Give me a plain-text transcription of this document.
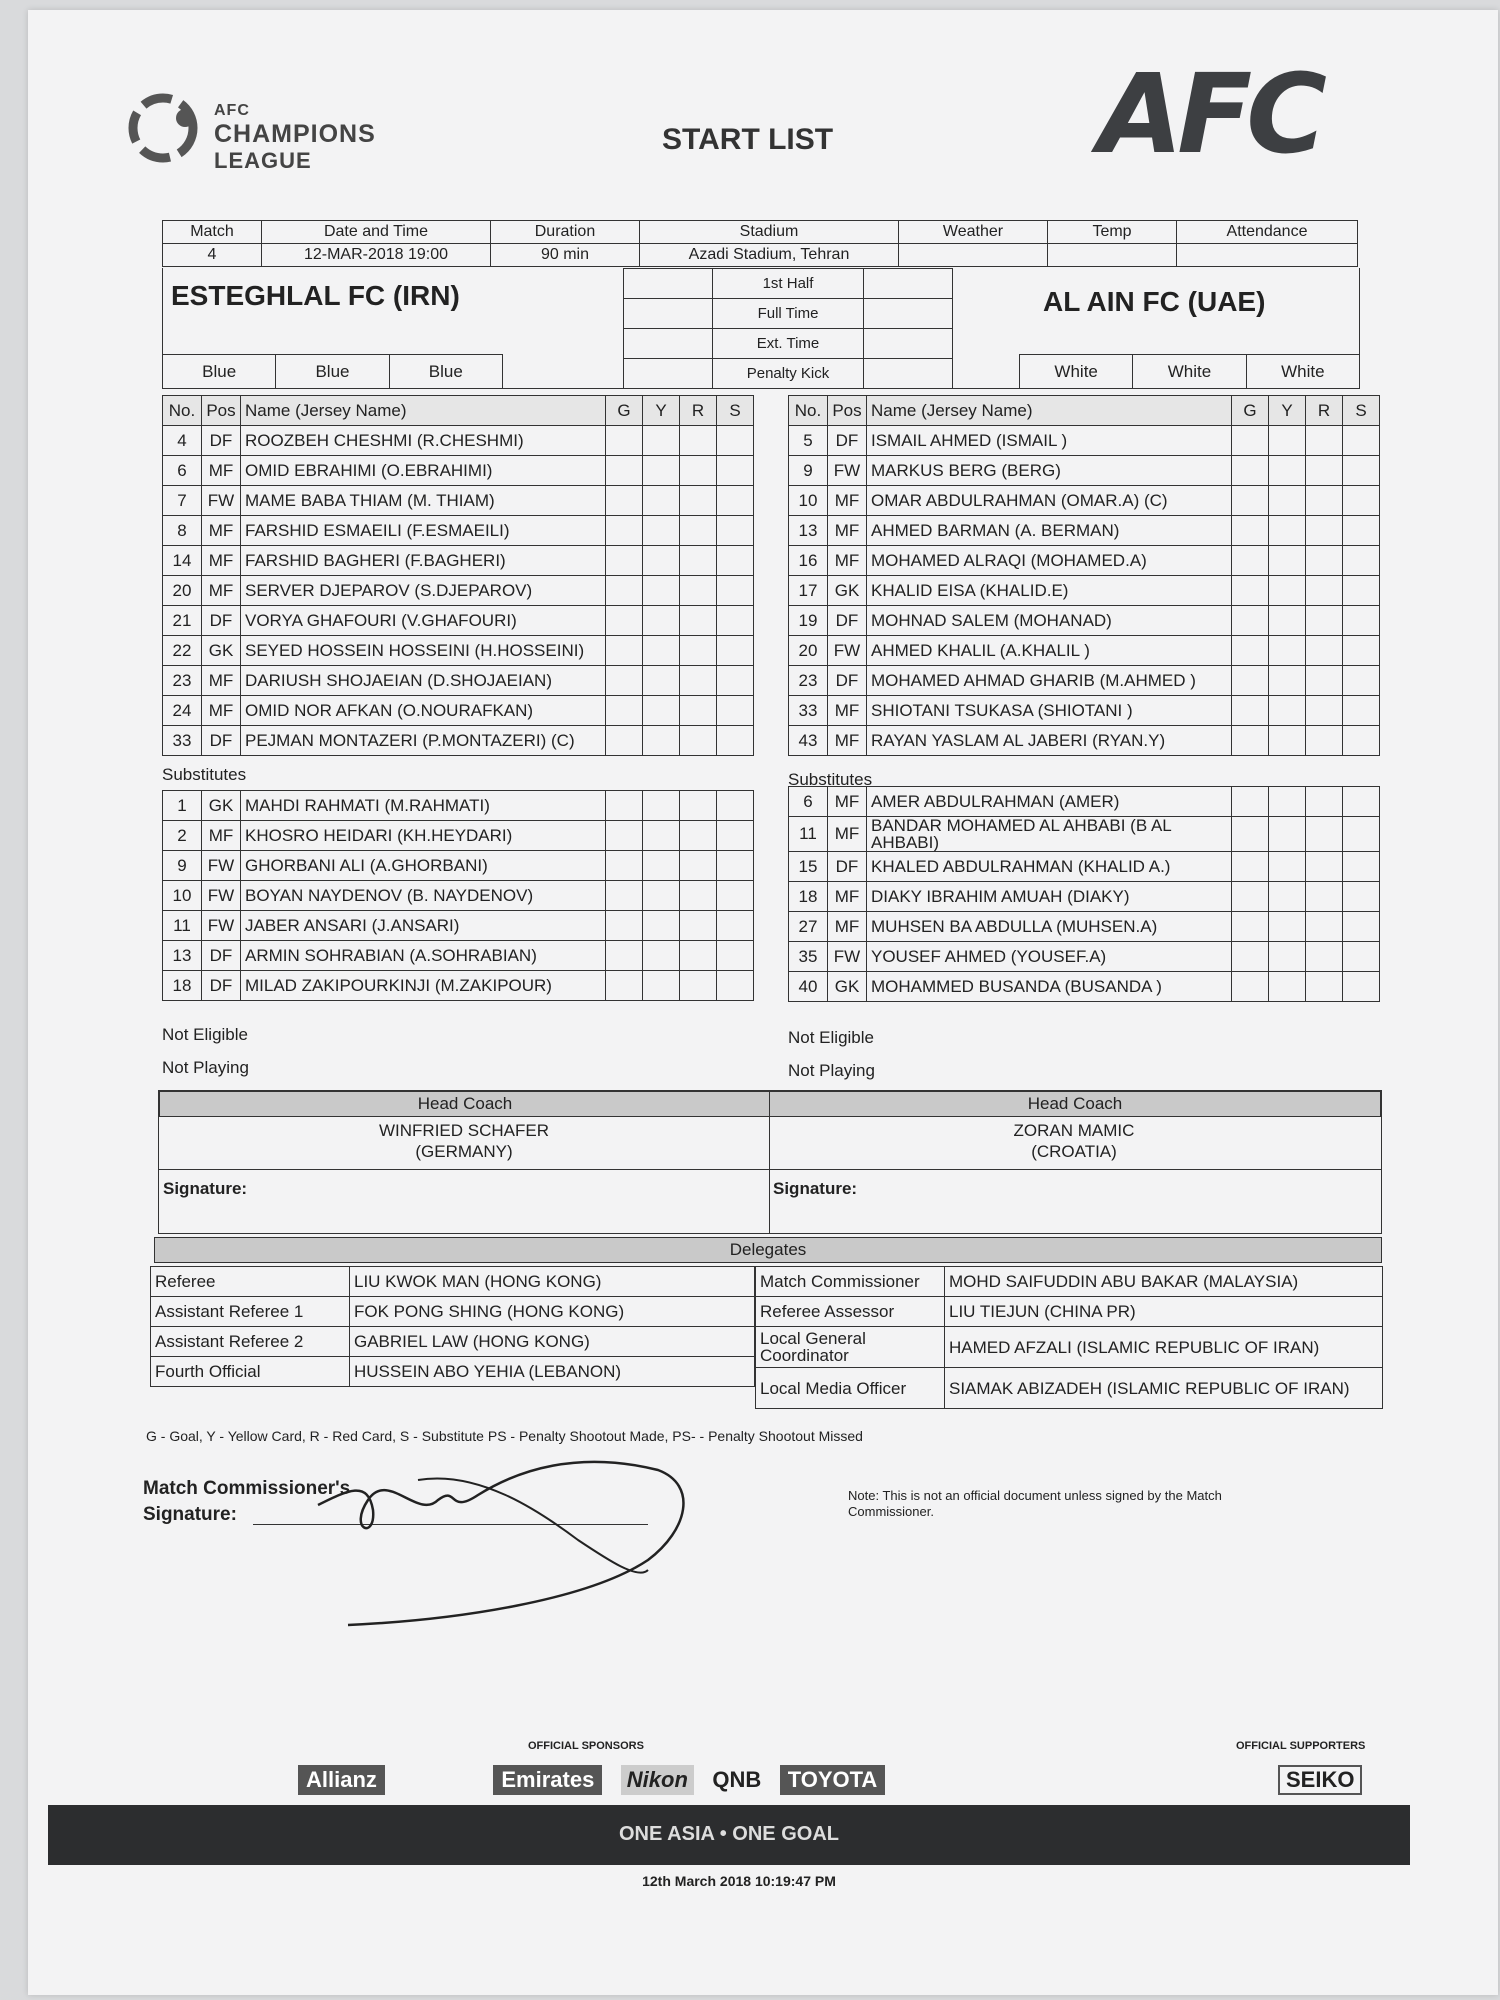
AFC
CHAMPIONS
LEAGUE
START LIST AFC
Match	Date and Time	Duration	Stadium	Weather	Temp	Attendance
4	12-MAR-2018 19:00	90 min	Azadi Stadium, Tehran			
ESTEGHLAL FC (IRN)
Blue	Blue	Blue
	1st Half	
	Full Time	
	Ext. Time	
	Penalty Kick	
AL AIN FC (UAE)
White	White	White
No.	Pos	Name (Jersey Name)	G	Y	R	S
4	DF	ROOZBEH CHESHMI (R.CHESHMI)				
6	MF	OMID EBRAHIMI (O.EBRAHIMI)				
7	FW	MAME BABA THIAM (M. THIAM)				
8	MF	FARSHID ESMAEILI (F.ESMAEILI)				
14	MF	FARSHID BAGHERI (F.BAGHERI)				
20	MF	SERVER DJEPAROV (S.DJEPAROV)				
21	DF	VORYA GHAFOURI (V.GHAFOURI)				
22	GK	SEYED HOSSEIN HOSSEINI (H.HOSSEINI)				
23	MF	DARIUSH SHOJAEIAN (D.SHOJAEIAN)				
24	MF	OMID NOR AFKAN (O.NOURAFKAN)				
33	DF	PEJMAN MONTAZERI (P.MONTAZERI) (C)				
No.	Pos	Name (Jersey Name)	G	Y	R	S
5	DF	ISMAIL AHMED (ISMAIL )				
9	FW	MARKUS BERG (BERG)				
10	MF	OMAR ABDULRAHMAN (OMAR.A) (C)				
13	MF	AHMED BARMAN (A. BERMAN)				
16	MF	MOHAMED ALRAQI (MOHAMED.A)				
17	GK	KHALID EISA (KHALID.E)				
19	DF	MOHNAD SALEM (MOHANAD)				
20	FW	AHMED KHALIL (A.KHALIL )				
23	DF	MOHAMED AHMAD GHARIB (M.AHMED )				
33	MF	SHIOTANI TSUKASA (SHIOTANI )				
43	MF	RAYAN YASLAM AL JABERI (RYAN.Y)				
Substitutes	Substitutes
1	GK	MAHDI RAHMATI (M.RAHMATI)				
2	MF	KHOSRO HEIDARI (KH.HEYDARI)				
9	FW	GHORBANI ALI (A.GHORBANI)				
10	FW	BOYAN NAYDENOV (B. NAYDENOV)				
11	FW	JABER ANSARI (J.ANSARI)				
13	DF	ARMIN SOHRABIAN (A.SOHRABIAN)				
18	DF	MILAD ZAKIPOURKINJI (M.ZAKIPOUR)				
6	MF	AMER ABDULRAHMAN (AMER)				
11	MF	BANDAR MOHAMED AL AHBABI (B AL AHBABI)				
15	DF	KHALED ABDULRAHMAN (KHALID A.)				
18	MF	DIAKY IBRAHIM AMUAH (DIAKY)				
27	MF	MUHSEN BA ABDULLA (MUHSEN.A)				
35	FW	YOUSEF AHMED (YOUSEF.A)				
40	GK	MOHAMMED BUSANDA (BUSANDA )				
Not Eligible
Not Playing
Not Eligible
Not Playing
Head Coach	Head Coach
WINFRIED SCHAFER
(GERMANY)
ZORAN MAMIC
(CROATIA)
Signature:	Signature:
Delegates
Referee	LIU KWOK MAN (HONG KONG)
Assistant Referee 1	FOK PONG SHING (HONG KONG)
Assistant Referee 2	GABRIEL LAW (HONG KONG)
Fourth Official	HUSSEIN ABO YEHIA (LEBANON)
Match Commissioner	MOHD SAIFUDDIN ABU BAKAR (MALAYSIA)
Referee Assessor	LIU TIEJUN (CHINA PR)
Local General Coordinator	HAMED AFZALI (ISLAMIC REPUBLIC OF IRAN)
Local Media Officer	SIAMAK ABIZADEH (ISLAMIC REPUBLIC OF IRAN)
G - Goal, Y - Yellow Card, R - Red Card, S - Substitute PS - Penalty Shootout Made, PS- - Penalty Shootout Missed
Match Commissioner's
Signature:
Note: This is not an official document unless signed by the Match Commissioner.
OFFICIAL SPONSORS	OFFICIAL SUPPORTERS
Allianz	Emirates Nikon QNB TOYOTA	SEIKO
ONE ASIA • ONE GOAL
12th March 2018 10:19:47 PM
